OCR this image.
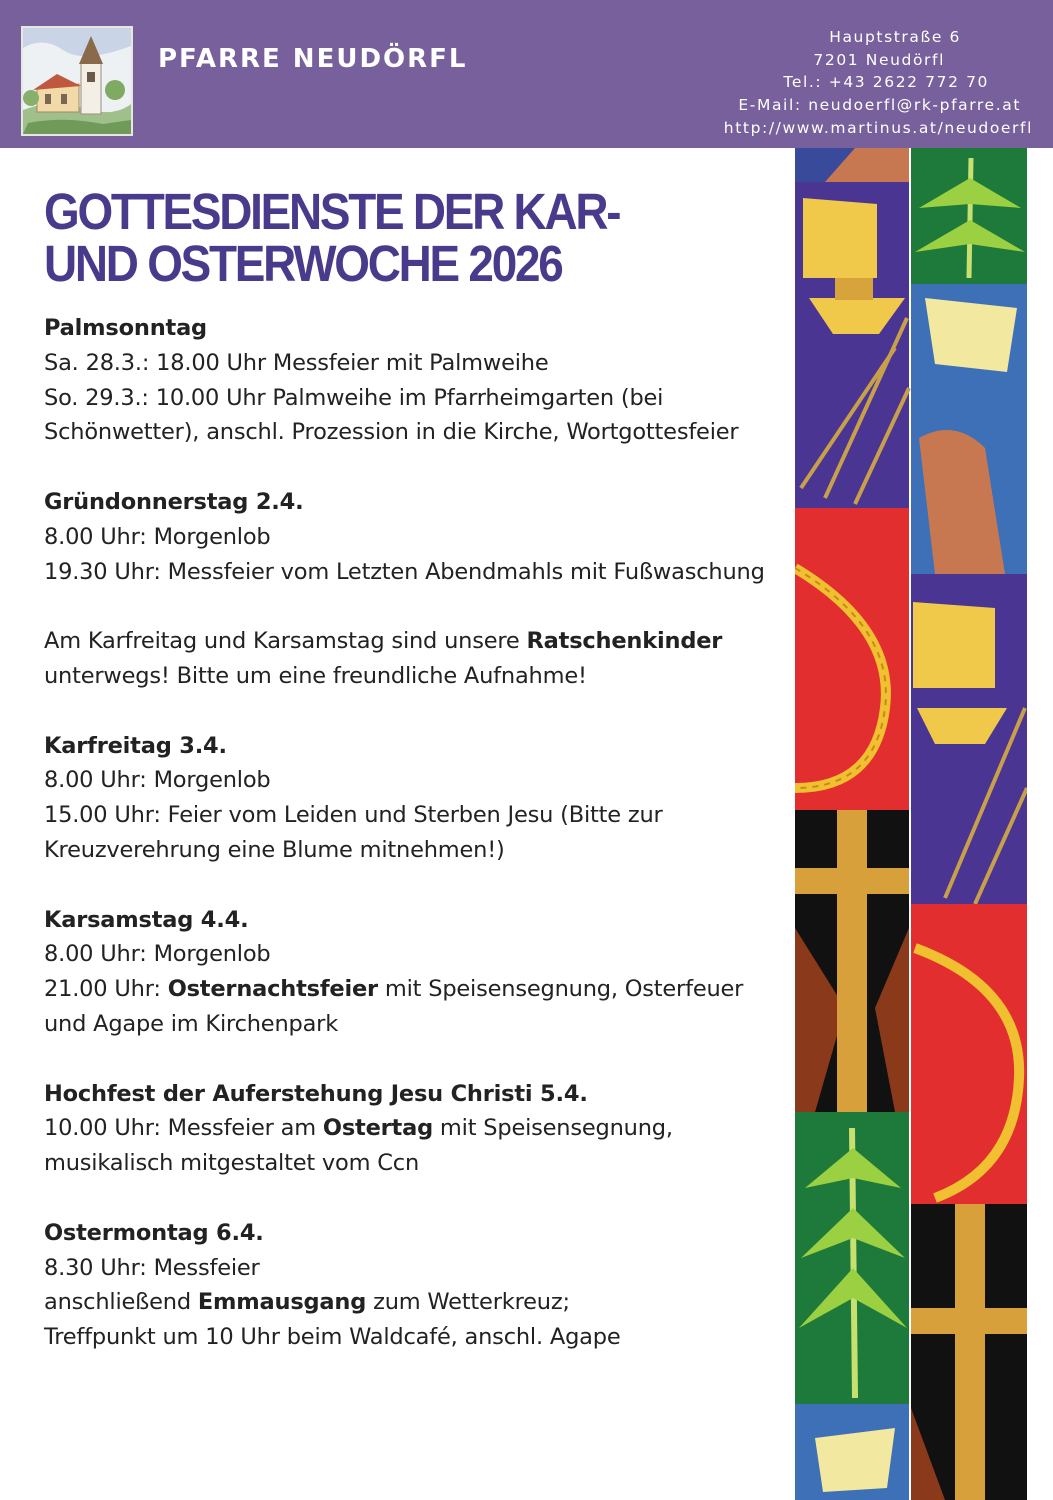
PFARRE NEUDÖRFL
Hauptstraße 6
7201 Neudörfl
Tel.: +43 2622 772 70
E-Mail: neudoerfl@rk-pfarre.at
http://www.martinus.at/neudoerfl
GOTTESDIENSTE DER KAR- UND OSTERWOCHE 2026
Palmsonntag
Sa. 28.3.: 18.00 Uhr Messfeier mit Palmweihe
So. 29.3.: 10.00 Uhr Palmweihe im Pfarrheimgarten (bei Schönwetter), anschl. Prozession in die Kirche, Wortgottesfeier
Gründonnerstag 2.4.
8.00 Uhr: Morgenlob
19.30 Uhr: Messfeier vom Letzten Abendmahls mit Fußwaschung
Am Karfreitag und Karsamstag sind unsere Ratschenkinder unterwegs! Bitte um eine freundliche Aufnahme!
Karfreitag 3.4.
8.00 Uhr: Morgenlob
15.00 Uhr: Feier vom Leiden und Sterben Jesu (Bitte zur Kreuzverehrung eine Blume mitnehmen!)
Karsamstag 4.4.
8.00 Uhr: Morgenlob
21.00 Uhr: Osternachtsfeier mit Speisensegnung, Osterfeuer und Agape im Kirchenpark
Hochfest der Auferstehung Jesu Christi 5.4.
10.00 Uhr: Messfeier am Ostertag mit Speisensegnung, musikalisch mitgestaltet vom Ccn
Ostermontag 6.4.
8.30 Uhr: Messfeier
anschließend Emmausgang zum Wetterkreuz;
Treffpunkt um 10 Uhr beim Waldcafé, anschl. Agape
